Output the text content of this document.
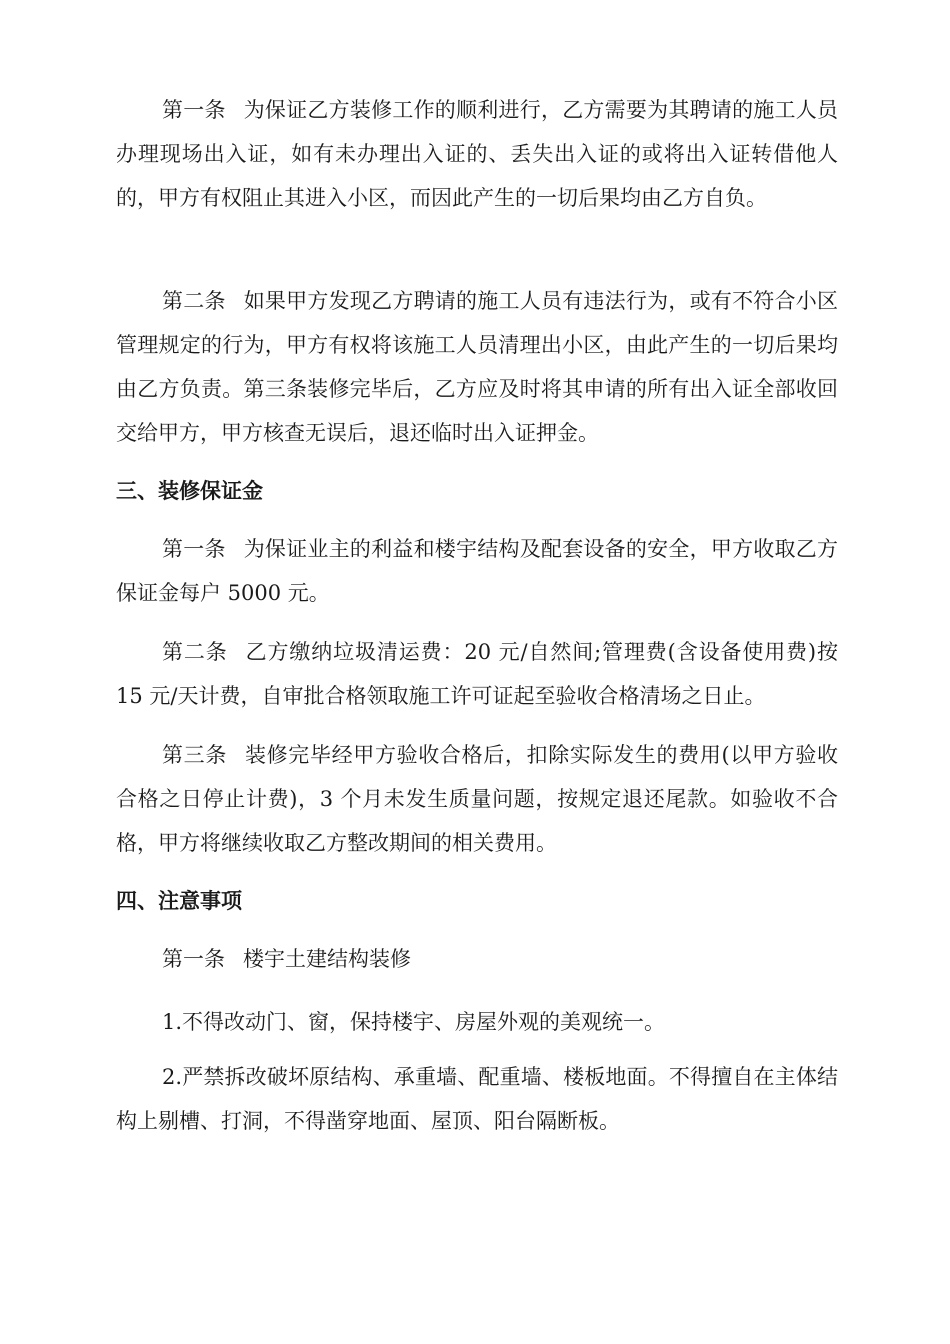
第一条 为保证乙方装修工作的顺利进行，乙方需要为其聘请的施工人员办理现场出入证，如有未办理出入证的、丢失出入证的或将出入证转借他人的，甲方有权阻止其进入小区，而因此产生的一切后果均由乙方自负。

第二条 如果甲方发现乙方聘请的施工人员有违法行为，或有不符合小区管理规定的行为，甲方有权将该施工人员清理出小区，由此产生的一切后果均由乙方负责。第三条装修完毕后，乙方应及时将其申请的所有出入证全部收回交给甲方，甲方核查无误后，退还临时出入证押金。

三、装修保证金

第一条 为保证业主的利益和楼宇结构及配套设备的安全，甲方收取乙方保证金每户 5000 元。

第二条 乙方缴纳垃圾清运费：20 元/自然间;管理费(含设备使用费)按 15 元/天计费，自审批合格领取施工许可证起至验收合格清场之日止。

第三条 装修完毕经甲方验收合格后，扣除实际发生的费用(以甲方验收合格之日停止计费)，3 个月未发生质量问题，按规定退还尾款。如验收不合格，甲方将继续收取乙方整改期间的相关费用。

四、注意事项

第一条 楼宇土建结构装修

1.不得改动门、窗，保持楼宇、房屋外观的美观统一。

2.严禁拆改破坏原结构、承重墙、配重墙、楼板地面。不得擅自在主体结构上剔槽、打洞，不得凿穿地面、屋顶、阳台隔断板。
